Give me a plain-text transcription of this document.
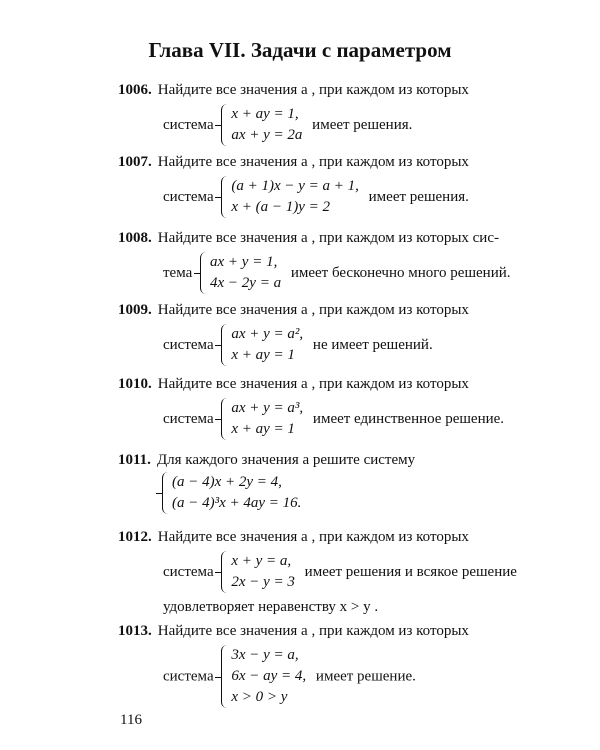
Глава VII. Задачи с параметром
1006. Найдите все значения a , при каждом из которых
система
x + ay = 1,
ax + y = 2a
имеет решения.
1007. Найдите все значения a , при каждом из которых
система
(a + 1)x − y = a + 1,
x + (a − 1)y = 2
имеет решения.
1008. Найдите все значения a , при каждом из которых сис-
тема
ax + y = 1,
4x − 2y = a
имеет бесконечно много решений.
1009. Найдите все значения a , при каждом из которых
система
ax + y = a²,
x + ay = 1
не имеет решений.
1010. Найдите все значения a , при каждом из которых
система
ax + y = a³,
x + ay = 1
имеет единственное решение.
1011. Для каждого значения a решите систему
(a − 4)x + 2y = 4,
(a − 4)³x + 4ay = 16.
1012. Найдите все значения a , при каждом из которых
система
x + y = a,
2x − y = 3
имеет решения и всякое решение
удовлетворяет неравенству x > y .
1013. Найдите все значения a , при каждом из которых
система
3x − y = a,
6x − ay = 4,
x > 0 > y
имеет решение.
116
